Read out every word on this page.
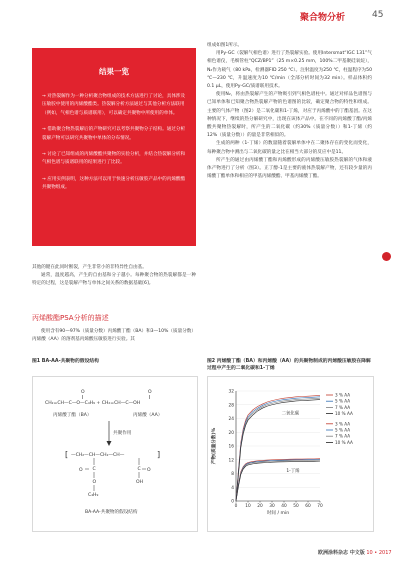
聚合物分析	45
结果一览

→ 对热裂解作为一种分析聚合物组成的技术方法进行了讨论，具体涉及压敏胶中使用的丙烯酸酯类。热裂解分析方法通过与其他分析方法联用（例如，气相色谱与质谱联用），可以确定共聚物中所使用的单体。

→ 借助聚合物热裂解后的产物研究可以考察共聚物分子结构。通过分析裂解产物可以研究共聚物中单体的分布情况。

→ 讨论了已知组成的丙烯酸酯共聚物的实验分析，并结合热裂解分析和气相色谱与质谱联用的结果进行了比较。

→ 应用实例表明，这种方法可以用于快速分析压敏胶产品中的丙烯酸酯共聚物组成。

其他的键在此同时断裂，产生非常小的非特异性自由基。
通常，温度越高，产生的自由基和分子越小。每种聚合物的热裂解都是一种特定的过程，这是裂解产物与单体之间关系的数据基础[6]。
丙烯酸酯PSA分析的描述
使用含有90—97%（质量分数）丙烯酸丁酯（BA）和3—10%（质量分数）丙烯酸（AA）的溶剂基丙烯酸压敏胶进行实验。其
组成如图1所示。
用Py-GC（裂解气相色谱）进行了热裂解实验。使用Intersmat“IGC 131”气相色谱仪，毛细管柱“QCZ/BP1”（25 m×0.25 mm，100%二甲基聚硅氧烷），N₂作为载气（80 kPa，检测器FID 250 ℃）。注射温度为250 ℃，柱温程序为50 ℃—230 ℃，升温速度为10 ℃/min（全部分析时间为32 min）。样品体积约0.1 μL，使用Py-GC/质谱联用技术。
使用N₂，将由热裂解产生的产物吸引到气相色谱柱中。通过对样品色谱图与已知单体和已知聚合物热裂解产物的色谱图的比较，确定聚合物的特性和组成。主要的气体产物（图2）是二氧化碳和1-丁烯，对应于丙烯酸中的丁酯基团。在这种情况下，继续的热分解研究中，出现在该体产品中。在不同的丙烯酸丁酯/丙烯酸共聚物热裂解时，所产生的二氧化碳（约30%（质量分数））和1-丁烯（约12%（质量分数））的量是非常相似的。
生成的两种（1-丁烯）的数量随着裂解单体中在二聚体存在的变化而变化，每种聚合物中测出与二氧化碳的量之比在相当大部分的反应中是11。
所产生的通过由丙烯酸丁酯和丙烯酸形成的丙烯酸压敏胶热裂解的气体和液体产物进行了分析（图3）。正丁醇-1是主要的液体热裂解产物，还有较少量的丙烯酸丁酯单体和相应的甲基丙烯酸酯、甲基丙烯酸丁酯。
图1 BA-AA-共聚物的假设结构
O	O
CH₂=CH—C—O—C₄H₉ + CH₂=CH—C—OH
丙烯酸丁酯（BA）	丙烯酸（AA）
共聚作用
[	]
—CH₂—CH—CH₂—CH—
C	C
O	O
O	OH
C₄H₉
BA-AA-共聚物的假设结构
图2 丙烯酸丁酯（BA）和丙烯酸（AA）的共聚物制成的丙烯酸压敏胶在降解过程中产生的二氧化碳和1-丁烯
0
4
8
12
16
20
24
28
32
0 10 20 30 40 50 60 70
时间 / min
产物(质量分数)%
二氧化碳
1-丁烯
3 % AA
5 % AA
7 % AA
10 % AA
3 % AA
5 % AA
7 % AA
10 % AA
欧洲涂料杂志 中文版 10 • 2017
